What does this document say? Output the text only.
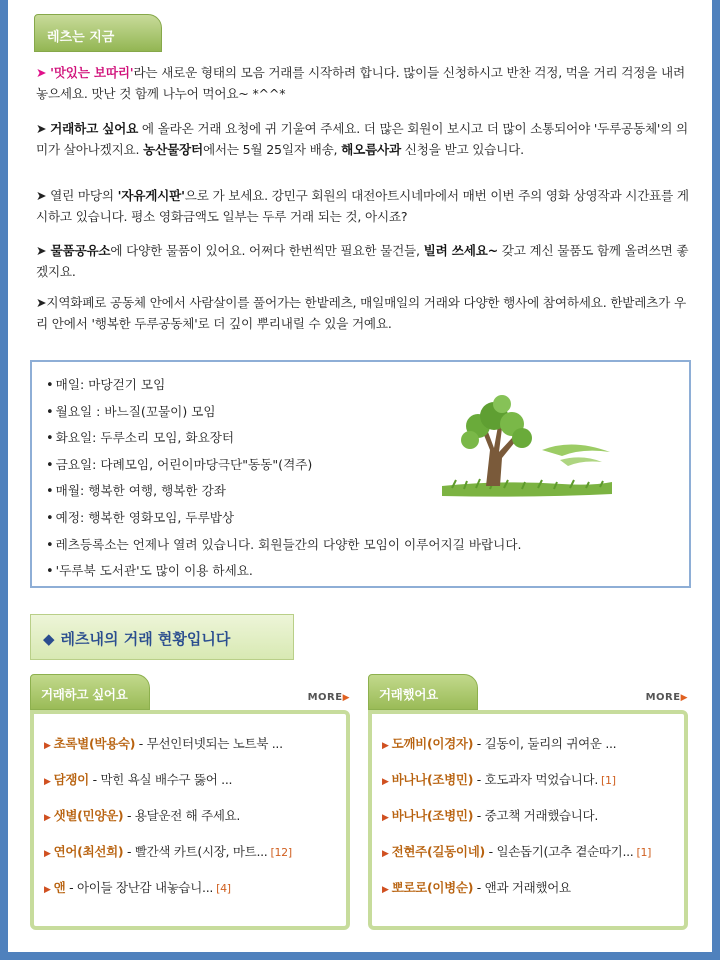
레츠는 지금
➤ '맛있는 보따리'라는 새로운 형태의 모음 거래를 시작하려 합니다. 많이들 신청하시고 반찬 걱정, 먹을 거리 걱정을 내려 놓으세요. 맛난 것 함께 나누어 먹어요~ *^^*
➤ 거래하고 싶어요 에 올라온 거래 요청에 귀 기울여 주세요. 더 많은 회원이 보시고 더 많이 소통되어야 '두루공동체'의 의미가 살아나겠지요. 농산물장터에서는 5월 25일자 배송, 해오름사과 신청을 받고 있습니다.
➤ 열린 마당의 '자유게시판'으로 가 보세요. 강민구 회원의 대전아트시네마에서 매번 이번 주의 영화 상영작과 시간표를 게시하고 있습니다. 평소 영화금액도 일부는 두루 거래 되는 것, 아시죠?
➤ 물품공유소에 다양한 물품이 있어요. 어쩌다 한번씩만 필요한 물건들, 빌려 쓰세요~ 갖고 계신 물품도 함께 올려쓰면 좋겠지요.
➤지역화폐로 공동체 안에서 사람살이를 풀어가는 한밭레츠, 매일매일의 거래와 다양한 행사에 참여하세요. 한밭레츠가 우리 안에서 '행복한 두루공동체'로 더 깊이 뿌리내릴 수 있을 거예요.
• 매일: 마당걷기 모임
• 월요일 : 바느질(꼬물이) 모임
• 화요일: 두루소리 모임, 화요장터
• 금요일: 다례모임, 어린이마당극단"동동"(격주)
• 매월: 행복한 여행, 행복한 강좌
• 예정: 행복한 영화모임, 두루밥상
• 레츠등록소는 언제나 열려 있습니다. 회원들간의 다양한 모임이 이루어지길 바랍니다.
• '두루북 도서관'도 많이 이용 하세요.
◆ 레츠내의 거래 현황입니다
거래하고 싶어요	MORE▶
▶ 초록별(박용숙) - 무선인터넷되는 노트북 ...
▶ 담쟁이 - 막힌 욕실 배수구 뚫어 ...
▶ 샛별(민양운) - 용달운전 해 주세요.
▶ 연어(최선희) - 빨간색 카트(시장, 마트... [12]
▶ 앤 - 아이들 장난감 내놓습니... [4]
거래했어요	MORE▶
▶ 도깨비(이경자) - 길동이, 둘리의 귀여운 ...
▶ 바나나(조병민) - 호도과자 먹었습니다. [1]
▶ 바나나(조병민) - 중고책 거래했습니다.
▶ 전현주(길동이네) - 일손돕기(고추 곁순따기... [1]
▶ 뽀로로(이병순) - 앤과 거래했어요
